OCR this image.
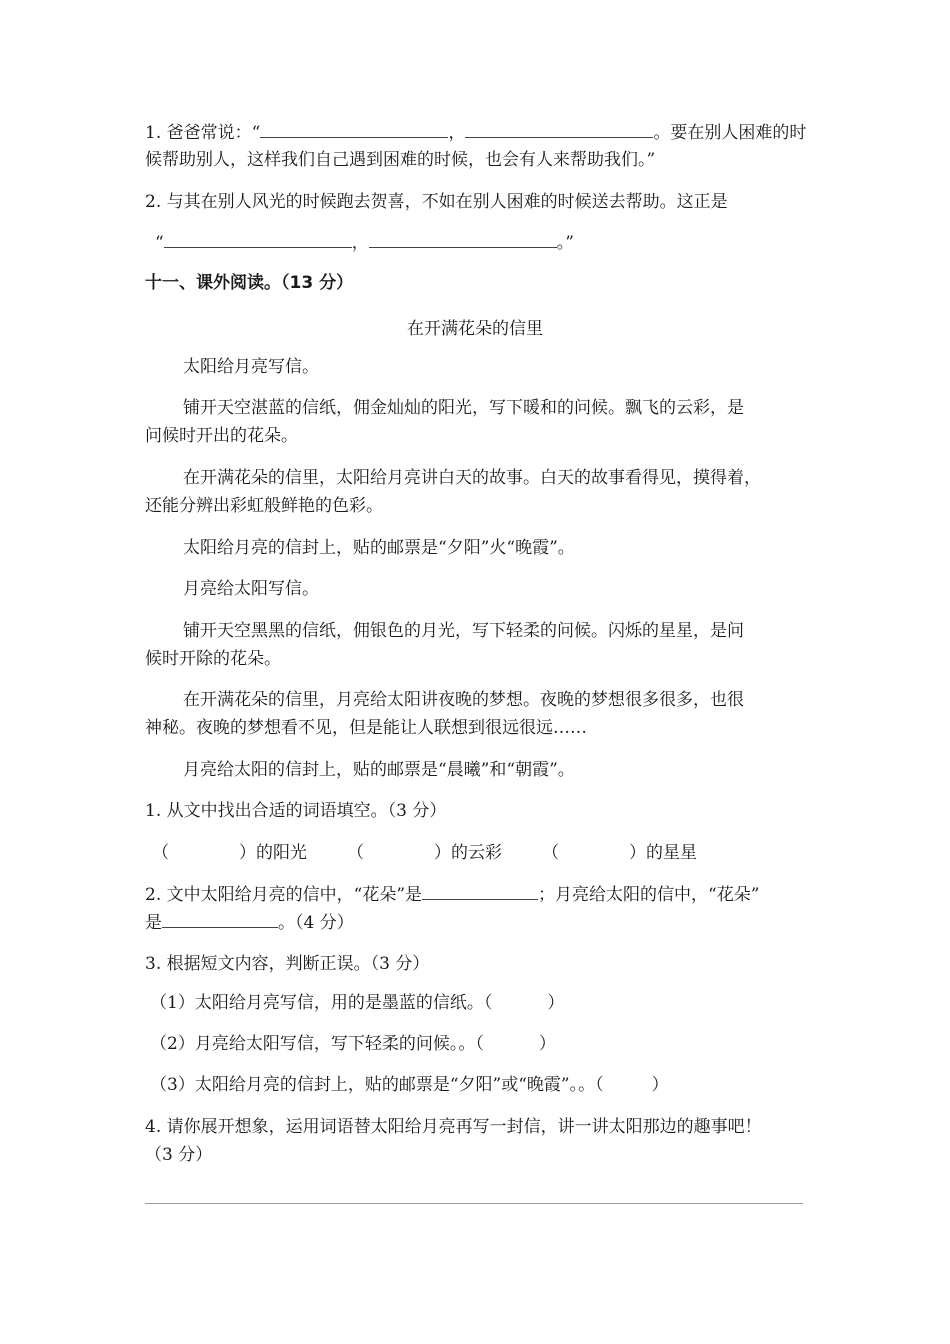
1. 爸爸常说：“	，	。要在别人困难的时

候帮助别人，这样我们自己遇到困难的时候，也会有人来帮助我们。”

2. 与其在别人风光的时候跑去贺喜，不如在别人困难的时候送去帮助。这正是

“	，	。”

十一、课外阅读。（13 分）

在开满花朵的信里

太阳给月亮写信。

铺开天空湛蓝的信纸，佣金灿灿的阳光，写下暖和的问候。飘飞的云彩，是

问候时开出的花朵。

在开满花朵的信里，太阳给月亮讲白天的故事。白天的故事看得见，摸得着，

还能分辨出彩虹般鲜艳的色彩。

太阳给月亮的信封上，贴的邮票是“夕阳”火“晚霞”。

月亮给太阳写信。

铺开天空黑黑的信纸，佣银色的月光，写下轻柔的问候。闪烁的星星，是问

候时开除的花朵。

在开满花朵的信里，月亮给太阳讲夜晚的梦想。夜晚的梦想很多很多，也很

神秘。夜晚的梦想看不见，但是能让人联想到很远很远……

月亮给太阳的信封上，贴的邮票是“晨曦”和“朝霞”。

1. 从文中找出合适的词语填空。（3 分）

（	）的阳光 （	）的云彩 （	）的星星

2. 文中太阳给月亮的信中，“花朵”是	；月亮给太阳的信中，“花朵”

是	。（4 分）

3. 根据短文内容，判断正误。（3 分）

（1）太阳给月亮写信，用的是墨蓝的信纸。（	）

（2）月亮给太阳写信，写下轻柔的问候。。（	）

（3）太阳给月亮的信封上，贴的邮票是“夕阳”或“晚霞”。。（	）

4. 请你展开想象，运用词语替太阳给月亮再写一封信，讲一讲太阳那边的趣事吧！

（3 分）
